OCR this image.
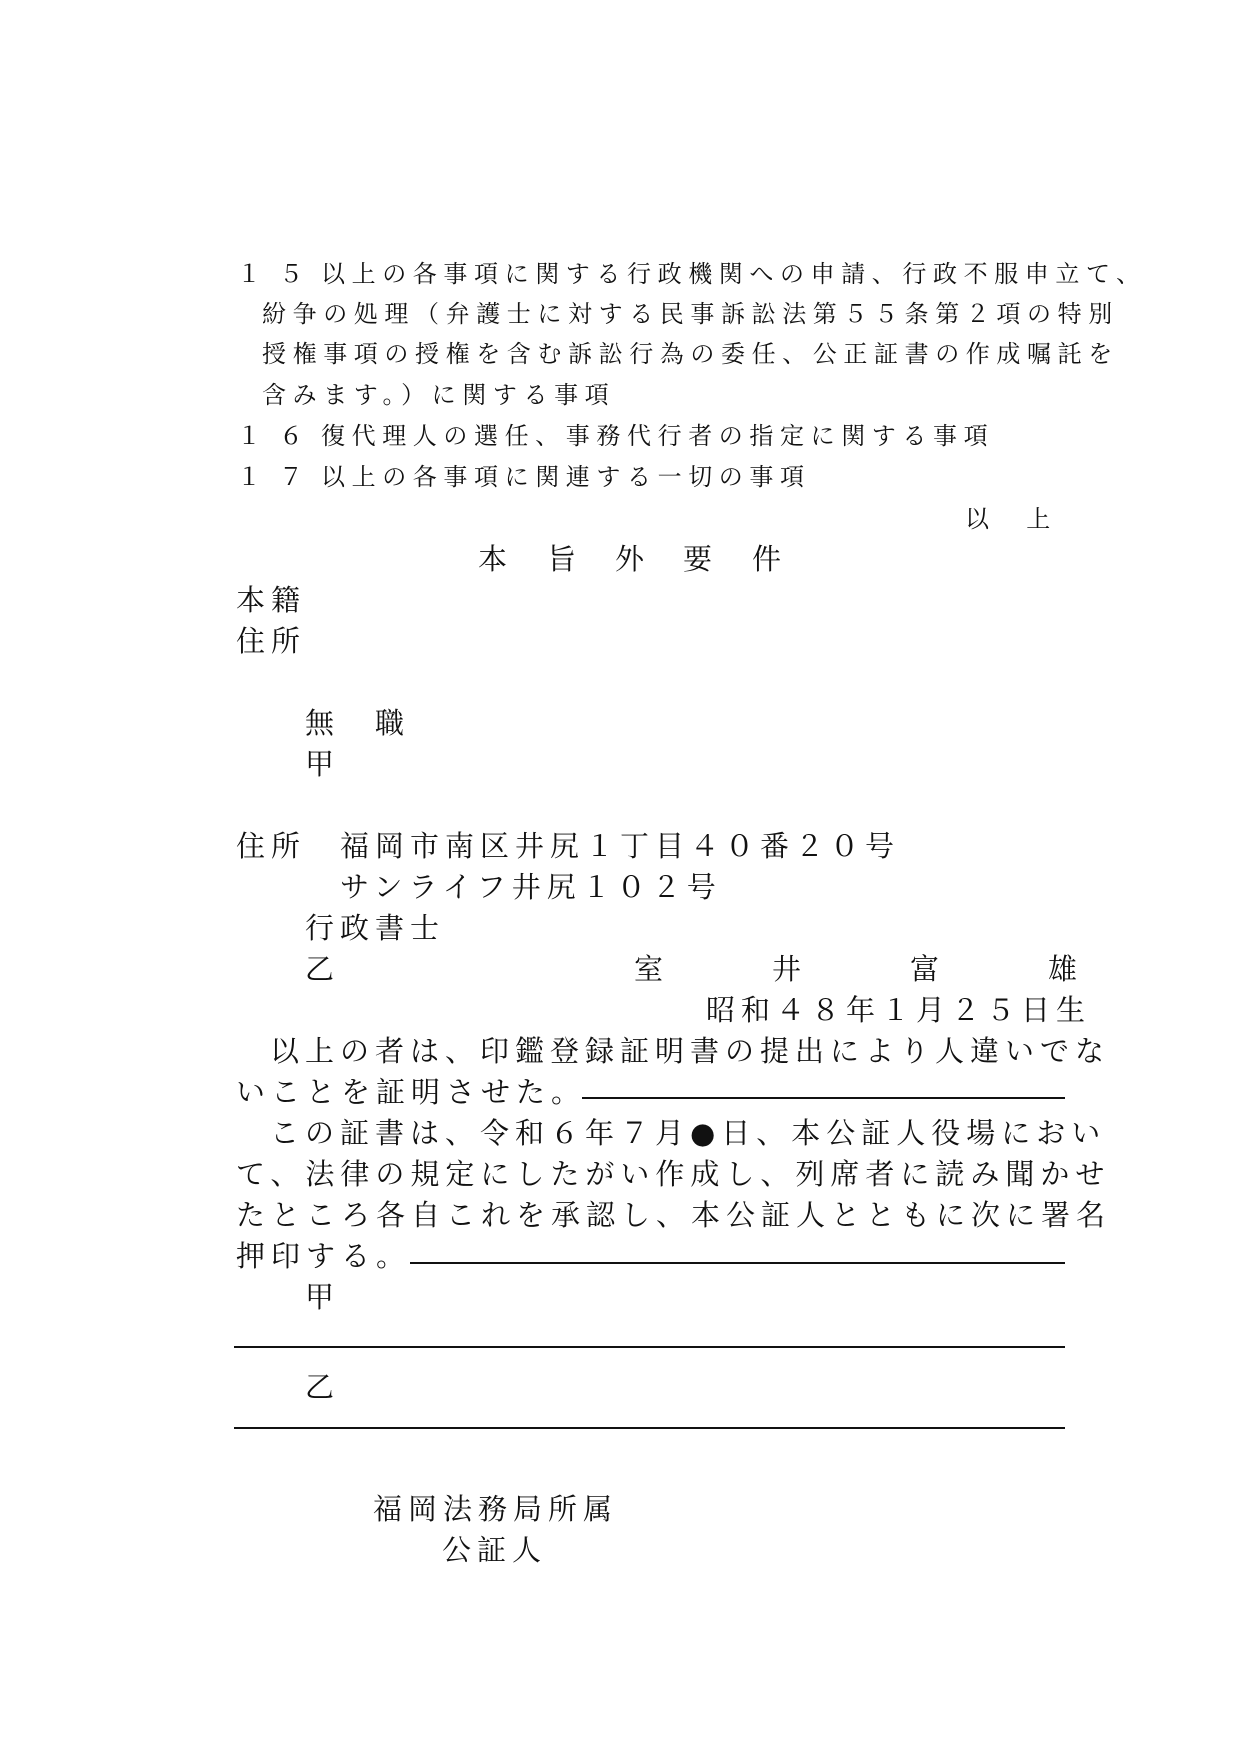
１５以上の各事項に関する行政機関への申請、行政不服申立て、
紛争の処理（弁護士に対する民事訴訟法第５５条第２項の特別
授権事項の授権を含む訴訟行為の委任、公正証書の作成嘱託を
含みます。）に関する事項
１６復代理人の選任、事務代行者の指定に関する事項
１７以上の各事項に関連する一切の事項
以　上
本 旨 外 要 件
本籍
住所
無　職
甲
住所 福岡市南区井尻１丁目４０番２０号
サンライフ井尻１０２号
行政書士
乙	室	井	富	雄
昭和４８年１月２５日生
以上の者は、印鑑登録証明書の提出により人違いでな
いことを証明させた。
この証書は、令和６年７月●日、本公証人役場におい
て、法律の規定にしたがい作成し、列席者に読み聞かせ
たところ各自これを承認し、本公証人とともに次に署名
押印する。
甲
乙
福岡法務局所属
公証人
